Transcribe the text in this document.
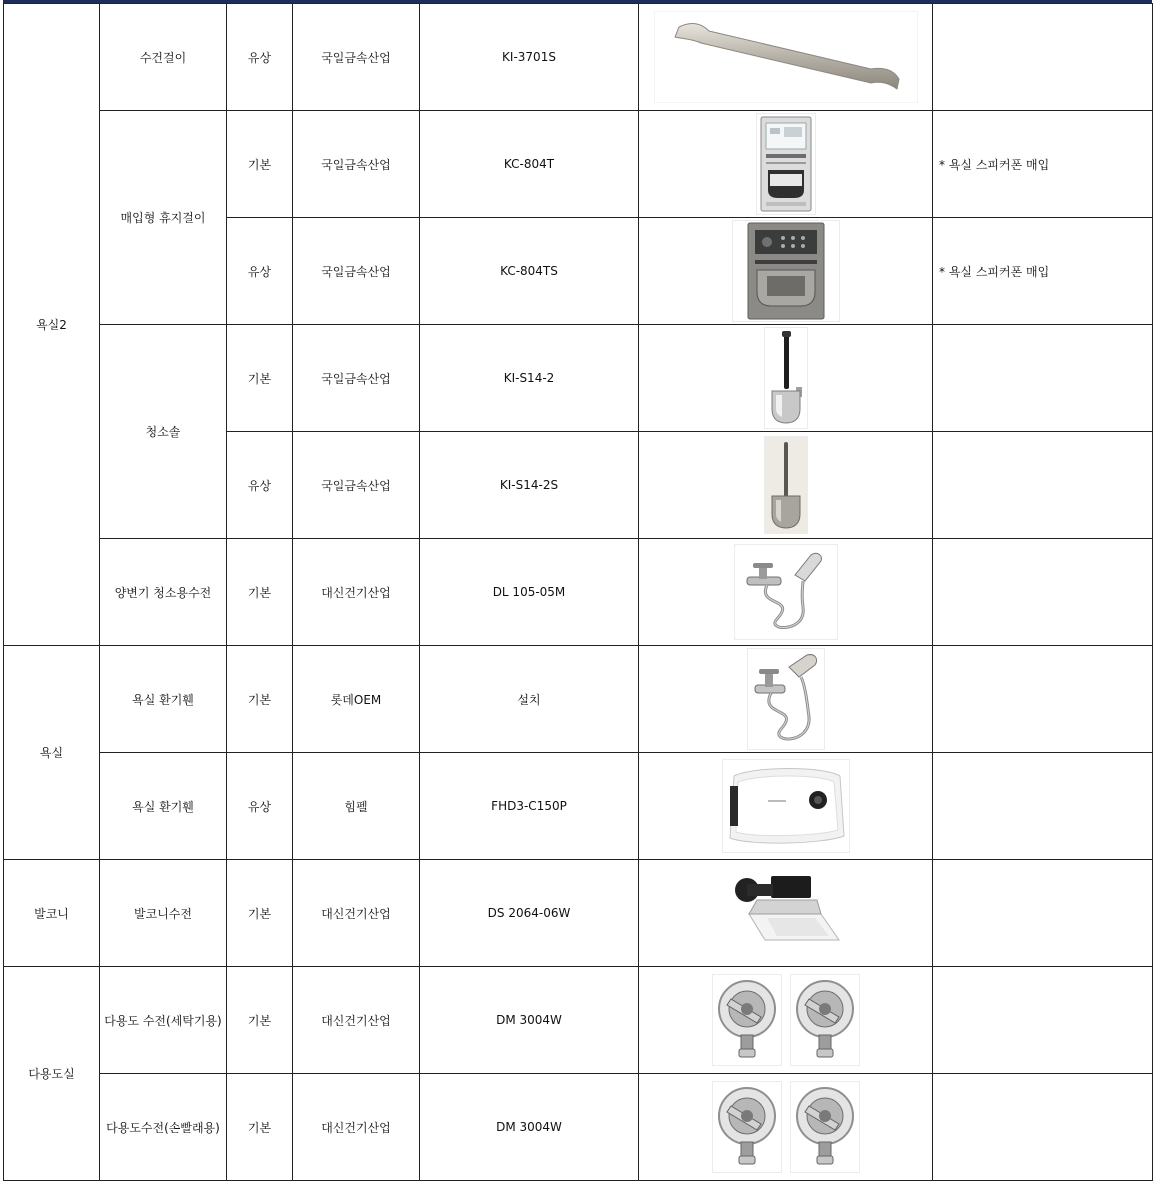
욕실2	수건걸이	유상	국일금속산업	KI-3701S	

	매입형 휴지걸이	기본	국일금속산업	KC-804T		* 욕실 스피커폰 매입
		유상	국일금속산업	KC-804TS		* 욕실 스피커폰 매입
	청소솔	기본	국일금속산업	KI-S14-2	

		유상	국일금속산업	KI-S14-2S	

	양변기 청소용수전	기본	대신건기산업	DL 105-05M	

욕실	욕실 환기휀	기본	롯데OEM	설치	

	욕실 환기휀	유상	힘펠	FHD3-C150P	

발코니	발코니수전	기본	대신건기산업	DS 2064-06W	

다용도실	다용도 수전(세탁기용)	기본	대신건기산업	DM 3004W	

	다용도수전(손빨래용)	기본	대신건기산업	DM 3004W	
